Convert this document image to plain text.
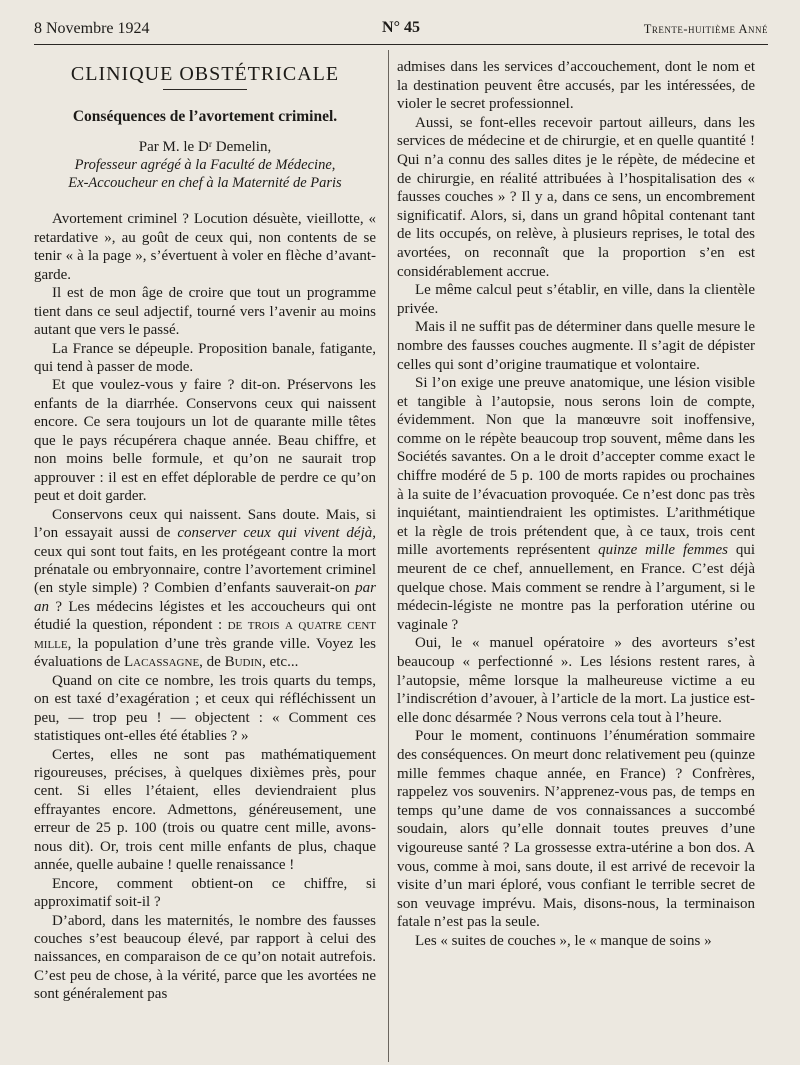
8 Novembre 1924	N° 45	Trente-huitième Anné
CLINIQUE OBSTÉTRICALE
Conséquences de l’avortement criminel.
Par M. le Dʳ Demelin,
Professeur agrégé à la Faculté de Médecine,
Ex-Accoucheur en chef à la Maternité de Paris

Avortement criminel ? Locution désuète, vieillotte, « retardative », au goût de ceux qui, non contents de se tenir « à la page », s’évertuent à voler en flèche d’avant-garde.

Il est de mon âge de croire que tout un programme tient dans ce seul adjectif, tourné vers l’avenir au moins autant que vers le passé.

La France se dépeuple. Proposition banale, fatigante, qui tend à passer de mode.

Et que voulez-vous y faire ? dit-on. Préservons les enfants de la diarrhée. Conservons ceux qui naissent encore. Ce sera toujours un lot de quarante mille têtes que le pays récupérera chaque année. Beau chiffre, et non moins belle formule, et qu’on ne saurait trop approuver : il est en effet déplorable de perdre ce qu’on peut et doit garder.

Conservons ceux qui naissent. Sans doute. Mais, si l’on essayait aussi de conserver ceux qui vivent déjà, ceux qui sont tout faits, en les protégeant contre la mort prénatale ou embryonnaire, contre l’avortement criminel (en style simple) ? Combien d’enfants sauverait-on par an ? Les médecins légistes et les accoucheurs qui ont étudié la question, répondent : de trois a quatre cent mille, la population d’une très grande ville. Voyez les évaluations de Lacassagne, de Budin, etc...

Quand on cite ce nombre, les trois quarts du temps, on est taxé d’exagération ; et ceux qui réfléchissent un peu, — trop peu ! — objectent : « Comment ces statistiques ont-elles été établies ? »

Certes, elles ne sont pas mathématiquement rigoureuses, précises, à quelques dixièmes près, pour cent. Si elles l’étaient, elles deviendraient plus effrayantes encore. Admettons, généreusement, une erreur de 25 p. 100 (trois ou quatre cent mille, avons-nous dit). Or, trois cent mille enfants de plus, chaque année, quelle aubaine ! quelle renaissance !

Encore, comment obtient-on ce chiffre, si approximatif soit-il ?

D’abord, dans les maternités, le nombre des fausses couches s’est beaucoup élevé, par rapport à celui des naissances, en comparaison de ce qu’on notait autrefois. C’est peu de chose, à la vérité, parce que les avortées ne sont généralement pas

admises dans les services d’accouchement, dont le nom et la destination peuvent être accusés, par les intéressées, de violer le secret professionnel.

Aussi, se font-elles recevoir partout ailleurs, dans les services de médecine et de chirurgie, et en quelle quantité ! Qui n’a connu des salles dites je le répète, de médecine et de chirurgie, en réalité attribuées à l’hospitalisation des « fausses couches » ? Il y a, dans ce sens, un encombrement significatif. Alors, si, dans un grand hôpital contenant tant de lits occupés, on relève, à plusieurs reprises, le total des avortées, on reconnaît que la proportion s’en est considérablement accrue.

Le même calcul peut s’établir, en ville, dans la clientèle privée.

Mais il ne suffit pas de déterminer dans quelle mesure le nombre des fausses couches augmente. Il s’agit de dépister celles qui sont d’origine traumatique et volontaire.

Si l’on exige une preuve anatomique, une lésion visible et tangible à l’autopsie, nous serons loin de compte, évidemment. Non que la manœuvre soit inoffensive, comme on le répète beaucoup trop souvent, même dans les Sociétés savantes. On a le droit d’accepter comme exact le chiffre modéré de 5 p. 100 de morts rapides ou prochaines à la suite de l’évacuation provoquée. Ce n’est donc pas très inquiétant, maintiendraient les optimistes. L’arithmétique et la règle de trois prétendent que, à ce taux, trois cent mille avortements représentent quinze mille femmes qui meurent de ce chef, annuellement, en France. C’est déjà quelque chose. Mais comment se rendre à l’argument, si le médecin-légiste ne montre pas la perforation utérine ou vaginale ?

Oui, le « manuel opératoire » des avorteurs s’est beaucoup « perfectionné ». Les lésions restent rares, à l’autopsie, même lorsque la malheureuse victime a eu l’indiscrétion d’avouer, à l’article de la mort. La justice est-elle donc désarmée ? Nous verrons cela tout à l’heure.

Pour le moment, continuons l’énumération sommaire des conséquences. On meurt donc relativement peu (quinze mille femmes chaque année, en France) ? Confrères, rappelez vos souvenirs. N’apprenez-vous pas, de temps en temps qu’une dame de vos connaissances a succombé soudain, alors qu’elle donnait toutes preuves d’une vigoureuse santé ? La grossesse extra-utérine a bon dos. A vous, comme à moi, sans doute, il est arrivé de recevoir la visite d’un mari éploré, vous confiant le terrible secret de son veuvage imprévu. Mais, disons-nous, la terminaison fatale n’est pas la seule.

Les « suites de couches », le « manque de soins »
